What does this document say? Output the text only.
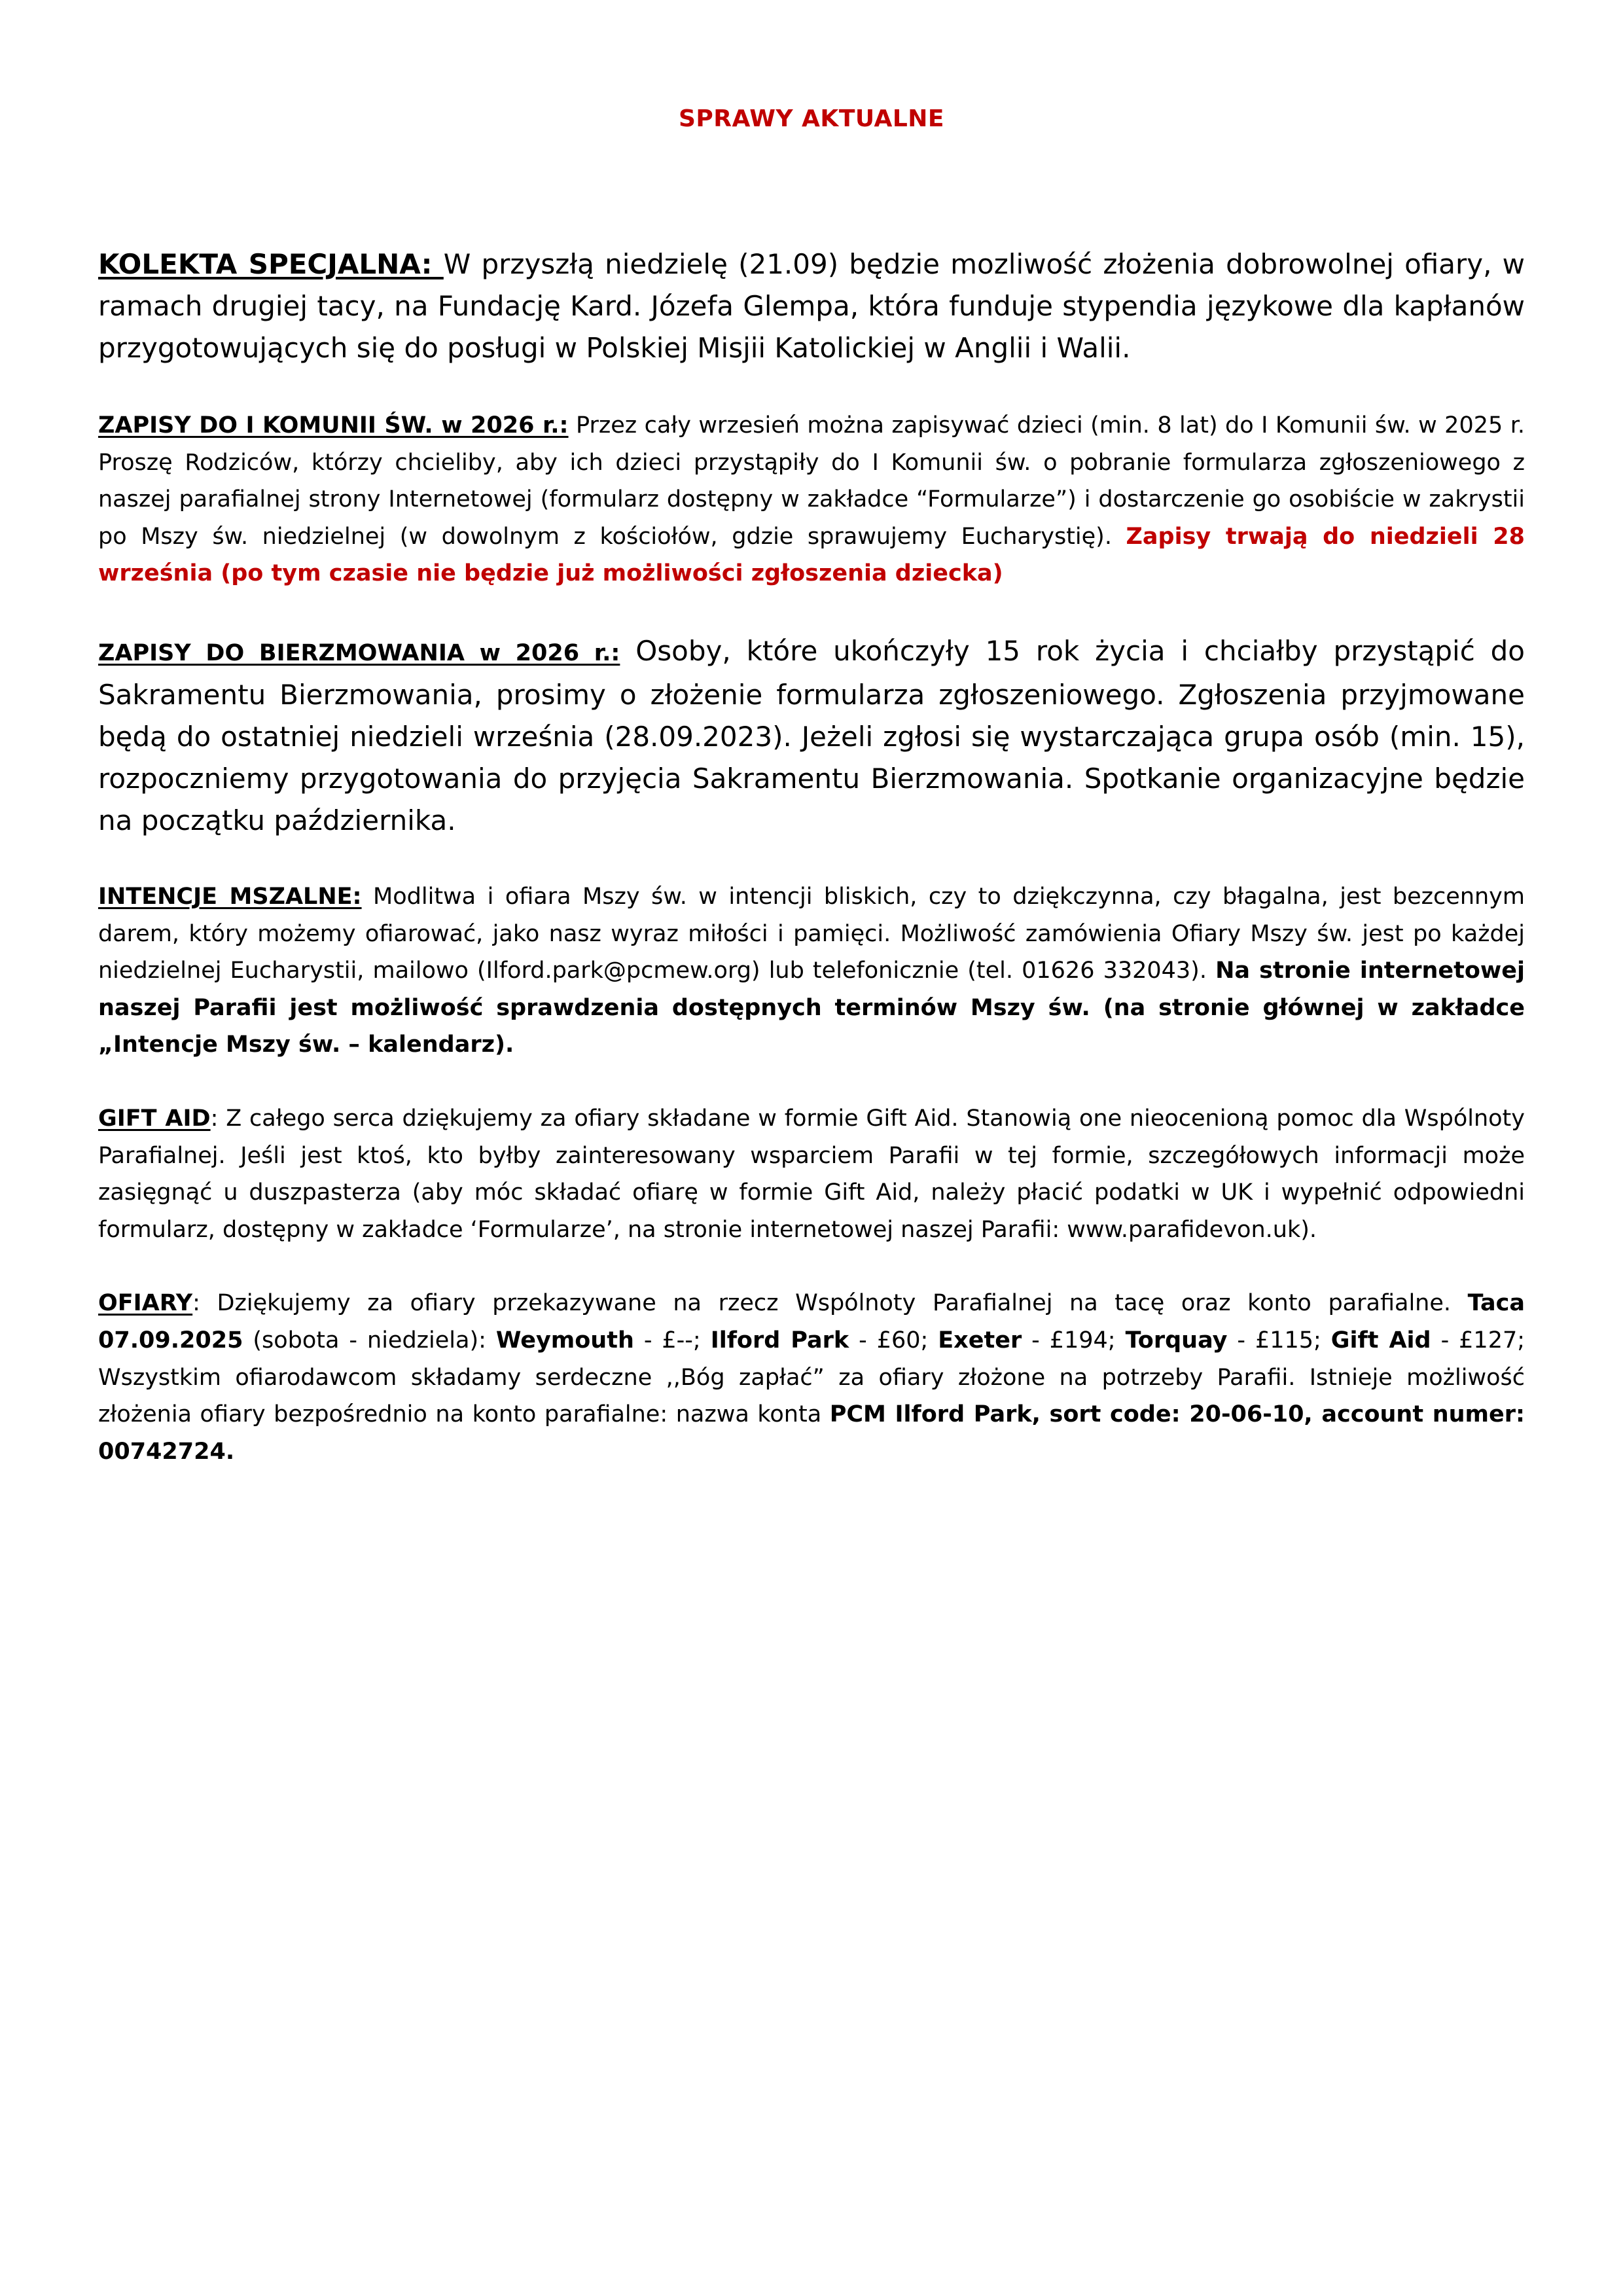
SPRAWY AKTUALNE

KOLEKTA SPECJALNA: W przyszłą niedzielę (21.09) będzie mozliwość złożenia dobrowolnej ofiary, w ramach drugiej tacy, na Fundację Kard. Józefa Glempa, która funduje stypendia językowe dla kapłanów przygotowujących się do posługi w Polskiej Misjii Katolickiej w Anglii i Walii.

ZAPISY DO I KOMUNII ŚW. w 2026 r.: Przez cały wrzesień można zapisywać dzieci (min. 8 lat) do I Komunii św. w 2025 r. Proszę Rodziców, którzy chcieliby, aby ich dzieci przystąpiły do I Komunii św. o pobranie formularza zgłoszeniowego z naszej parafialnej strony Internetowej (formularz dostępny w zakładce “Formularze”) i dostarczenie go osobiście w zakrystii po Mszy św. niedzielnej (w dowolnym z kościołów, gdzie sprawujemy Eucharystię). Zapisy trwają do niedzieli 28 września (po tym czasie nie będzie już możliwości zgłoszenia dziecka)

ZAPISY DO BIERZMOWANIA w 2026 r.: Osoby, które ukończyły 15 rok życia i chciałby przystąpić do Sakramentu Bierzmowania, prosimy o złożenie formularza zgłoszeniowego. Zgłoszenia przyjmowane będą do ostatniej niedzieli września (28.09.2023). Jeżeli zgłosi się wystarczająca grupa osób (min. 15), rozpoczniemy przygotowania do przyjęcia Sakramentu Bierzmowania. Spotkanie organizacyjne będzie na początku października.

INTENCJE MSZALNE: Modlitwa i ofiara Mszy św. w intencji bliskich, czy to dziękczynna, czy błagalna, jest bezcennym darem, który możemy ofiarować, jako nasz wyraz miłości i pamięci. Możliwość zamówienia Ofiary Mszy św. jest po każdej niedzielnej Eucharystii, mailowo (Ilford.park@pcmew.org) lub telefonicznie (tel. 01626 332043). Na stronie internetowej naszej Parafii jest możliwość sprawdzenia dostępnych terminów Mszy św. (na stronie głównej w zakładce „Intencje Mszy św. – kalendarz).

GIFT AID: Z całego serca dziękujemy za ofiary składane w formie Gift Aid. Stanowią one nieocenioną pomoc dla Wspólnoty Parafialnej. Jeśli jest ktoś, kto byłby zainteresowany wsparciem Parafii w tej formie, szczegółowych informacji może zasięgnąć u duszpasterza (aby móc składać ofiarę w formie Gift Aid, należy płacić podatki w UK i wypełnić odpowiedni formularz, dostępny w zakładce ‘Formularze’, na stronie internetowej naszej Parafii: www.parafidevon.uk).

OFIARY: Dziękujemy za ofiary przekazywane na rzecz Wspólnoty Parafialnej na tacę oraz konto parafialne. Taca 07.09.2025 (sobota - niedziela): Weymouth - £--; Ilford Park - £60; Exeter - £194; Torquay - £115; Gift Aid - £127; Wszystkim ofiarodawcom składamy serdeczne ,,Bóg zapłać” za ofiary złożone na potrzeby Parafii. Istnieje możliwość złożenia ofiary bezpośrednio na konto parafialne: nazwa konta PCM Ilford Park, sort code: 20-06-10, account numer: 00742724.
